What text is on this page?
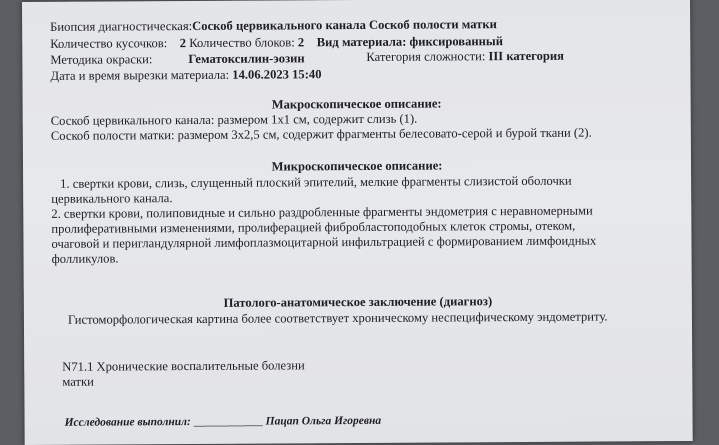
Биопсия диагностическая:Соскоб цервикального канала Соскоб полости матки
Количество кусочков: 2 Количество блоков: 2 Вид материала: фиксированный
Методика окраски:	Гематоксилин-эозин	Категория сложности: III категория
Дата и время вырезки материала: 14.06.2023 15:40
Макроскопическое описание:
Соскоб цервикального канала: размером 1х1 см, содержит слизь (1).
Соскоб полости матки: размером 3х2,5 см, содержит фрагменты белесовато-серой и бурой ткани (2).
Микроскопическое описание:
1. свертки крови, слизь, слущенный плоский эпителий, мелкие фрагменты слизистой оболочки
цервикального канала.
2. свертки крови, полиповидные и сильно раздробленные фрагменты эндометрия с неравномерными
пролиферативными изменениями, пролиферацией фибробластоподобных клеток стромы, отеком,
очаговой и перигландулярной лимфоплазмоцитарной инфильтрацией с формированием лимфоидных
фолликулов.
Патолого-анатомическое заключение (диагноз)
Гистоморфологическая картина более соответствует хроническому неспецифическому эндометриту.
N71.1 Хронические воспалительные болезни
матки
Исследование выполнил: ____________ Пацап Ольга Игоревна
